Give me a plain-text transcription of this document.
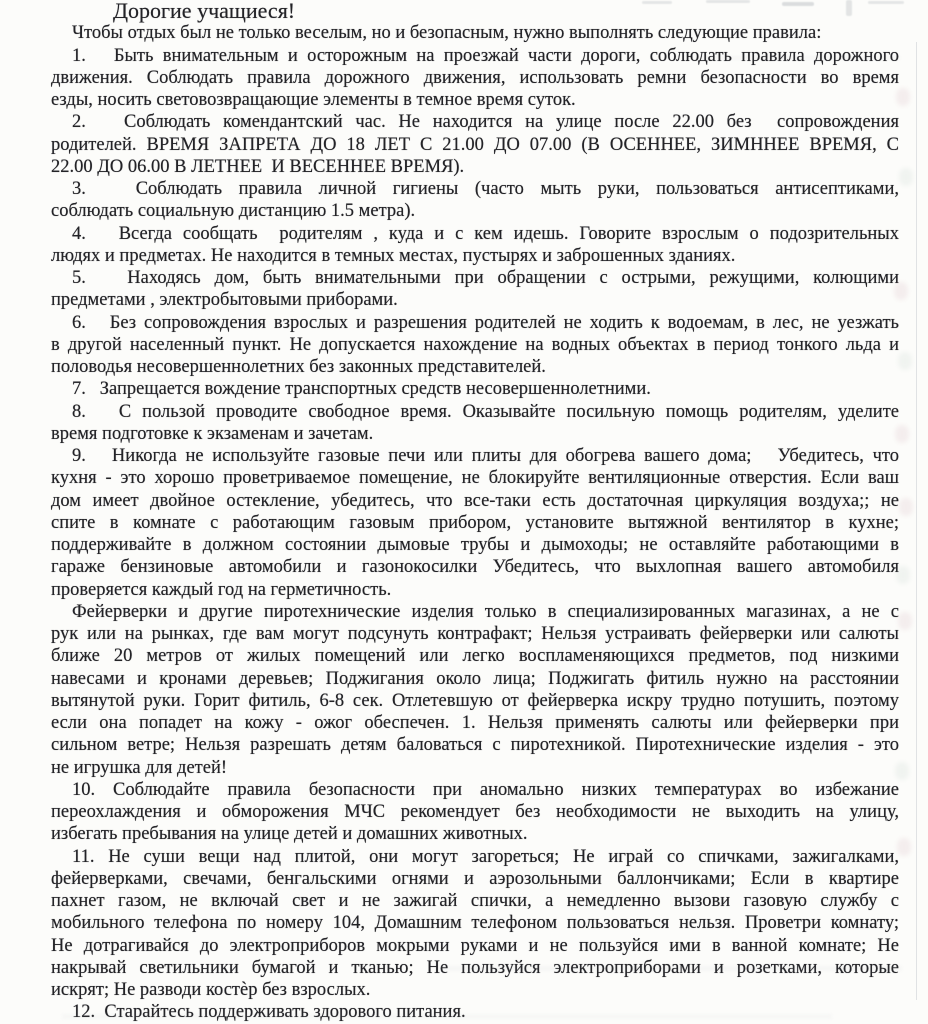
Дорогие учащиеся!
Чтобы отдых был не только веселым, но и безопасным, нужно выполнять следующие правила:
1.   Быть внимательным и осторожным на проезжай части дороги, соблюдать правила дорожного
движения. Соблюдать правила дорожного движения, использовать ремни безопасности во время
езды, носить световозвращающие элементы в темное время суток.
2.   Соблюдать комендантский час. Не находится на улице после 22.00 без  сопровождения
родителей. ВРЕМЯ ЗАПРЕТА ДО 18 ЛЕТ С 21.00 ДО 07.00 (В ОСЕННЕЕ, ЗИМННЕЕ ВРЕМЯ, С
22.00 ДО 06.00 В ЛЕТНЕЕ  И ВЕСЕННЕЕ ВРЕМЯ).
3.   Соблюдать правила личной гигиены (часто мыть руки, пользоваться антисептиками,
соблюдать социальную дистанцию 1.5 метра).
4.   Всегда сообщать  родителям , куда и с кем идешь. Говорите взрослым о подозрительных
людях и предметах. Не находится в темных местах, пустырях и заброшенных зданиях.
5.   Находясь дом, быть внимательными при обращении с острыми, режущими, колющими
предметами , электробытовыми приборами.
6.   Без сопровождения взрослых и разрешения родителей не ходить к водоемам, в лес, не уезжать
в другой населенный пункт. Не допускается нахождение на водных объектах в период тонкого льда и
половодья несовершеннолетних без законных представителей.
7.   Запрещается вождение транспортных средств несовершеннолетними.
8.   С пользой проводите свободное время. Оказывайте посильную помощь родителям, уделите
время подготовке к экзаменам и зачетам.
9.   Никогда не используйте газовые печи или плиты для обогрева вашего дома;   Убедитесь, что
кухня - это хорошо проветриваемое помещение, не блокируйте вентиляционные отверстия. Если ваш
дом имеет двойное остекление, убедитесь, что все-таки есть достаточная циркуляция воздуха;; не
спите в комнате с работающим газовым прибором, установите вытяжной вентилятор в кухне;
поддерживайте в должном состоянии дымовые трубы и дымоходы; не оставляйте работающими в
гараже бензиновые автомобили и газонокосилки Убедитесь, что выхлопная вашего автомобиля
проверяется каждый год на герметичность.
Фейерверки и другие пиротехнические изделия только в специализированных магазинах, а не с
рук или на рынках, где вам могут подсунуть контрафакт; Нельзя устраивать фейерверки или салюты
ближе 20 метров от жилых помещений или легко воспламеняющихся предметов, под низкими
навесами и кронами деревьев; Поджигания около лица; Поджигать фитиль нужно на расстоянии
вытянутой руки. Горит фитиль, 6-8 сек. Отлетевшую от фейерверка искру трудно потушить, поэтому
если она попадет на кожу - ожог обеспечен. 1. Нельзя применять салюты или фейерверки при
сильном ветре; Нельзя разрешать детям баловаться с пиротехникой. Пиротехнические изделия - это
не игрушка для детей!
10. Соблюдайте правила безопасности при аномально низких температурах во избежание
переохлаждения и обморожения МЧС рекомендует без необходимости не выходить на улицу,
избегать пребывания на улице детей и домашних животных.
11. Не суши вещи над плитой, они могут загореться; Не играй со спичками, зажигалками,
фейерверками, свечами, бенгальскими огнями и аэрозольными баллончиками; Если в квартире
пахнет газом, не включай свет и не зажигай спички, а немедленно вызови газовую службу с
мобильного телефона по номеру 104, Домашним телефоном пользоваться нельзя. Проветри комнату;
Не дотрагивайся до электроприборов мокрыми руками и не пользуйся ими в ванной комнате; Не
накрывай светильники бумагой и тканью; Не пользуйся электроприборами и розетками, которые
искрят; Не разводи костѐр без взрослых.
12.  Старайтесь поддерживать здорового питания.
